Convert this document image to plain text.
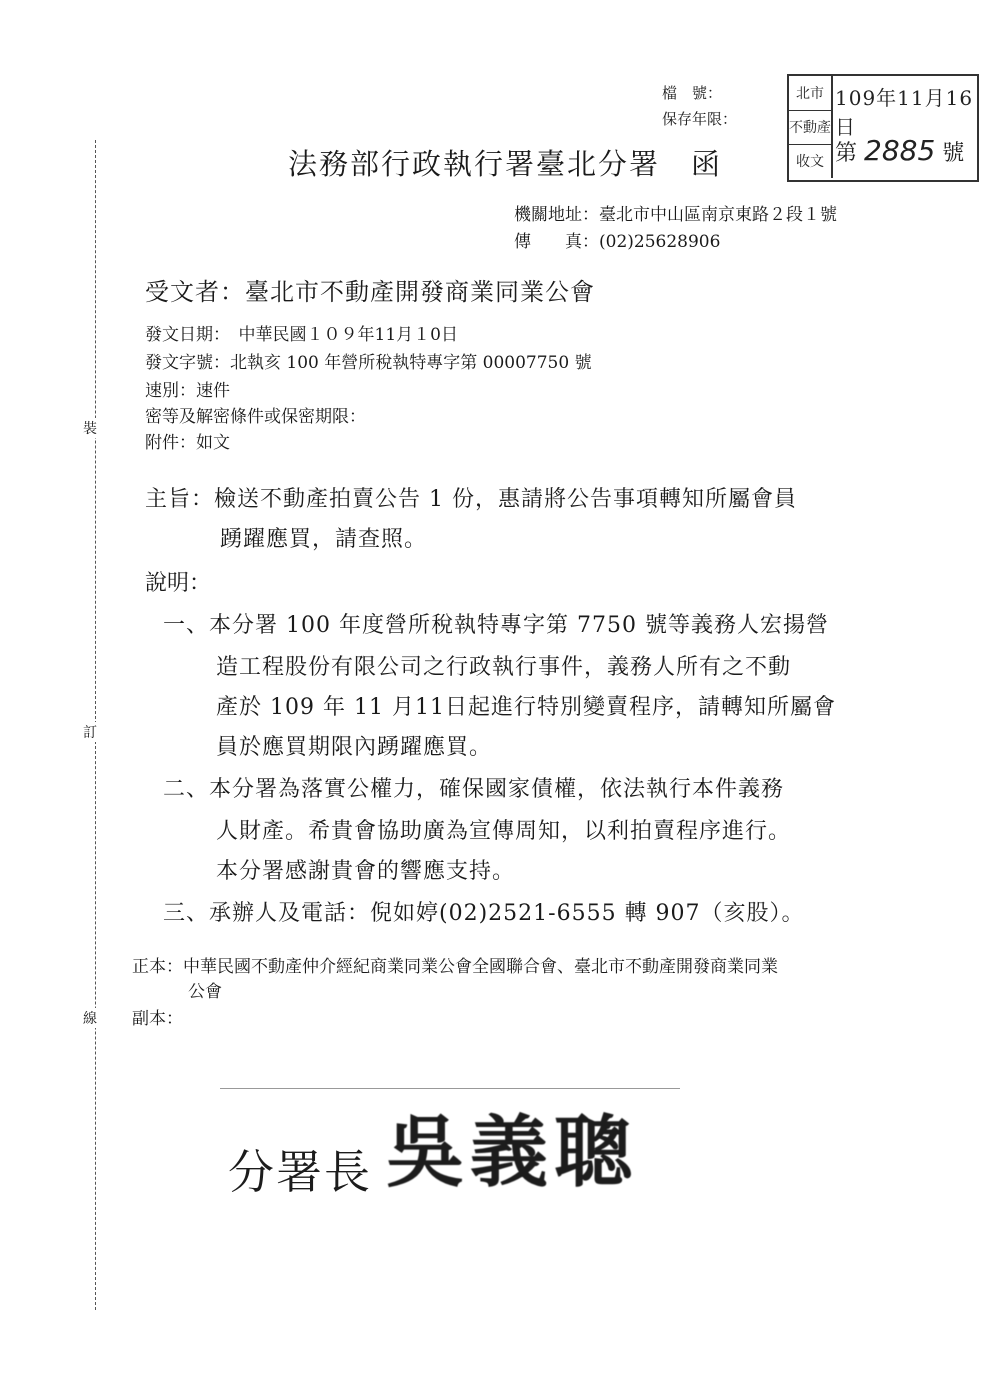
裝
訂
線
檔　號：
保存年限：
法務部行政執行署臺北分署　函
北市
不動產
收文
109年11月16日
第 2885 號
機關地址：臺北市中山區南京東路２段１號
傳　　真：(02)25628906
受文者：臺北市不動產開發商業同業公會
發文日期：　中華民國１０９年11月１0日
發文字號：北執亥 100 年營所稅執特專字第 00007750 號
速別：速件
密等及解密條件或保密期限：
附件：如文
主旨：檢送不動產拍賣公告 1 份，惠請將公告事項轉知所屬會員
踴躍應買，請查照。
說明：
一、本分署 100 年度營所稅執特專字第 7750 號等義務人宏揚營
造工程股份有限公司之行政執行事件，義務人所有之不動
產於 109 年 11 月11日起進行特別變賣程序，請轉知所屬會
員於應買期限內踴躍應買。
二、本分署為落實公權力，確保國家債權，依法執行本件義務
人財產。希貴會協助廣為宣傳周知，以利拍賣程序進行。
本分署感謝貴會的響應支持。
三、承辦人及電話：倪如婷(02)2521-6555 轉 907（亥股）。
正本：中華民國不動產仲介經紀商業同業公會全國聯合會、臺北市不動產開發商業同業
公會
副本：
分署長 吳義聰
